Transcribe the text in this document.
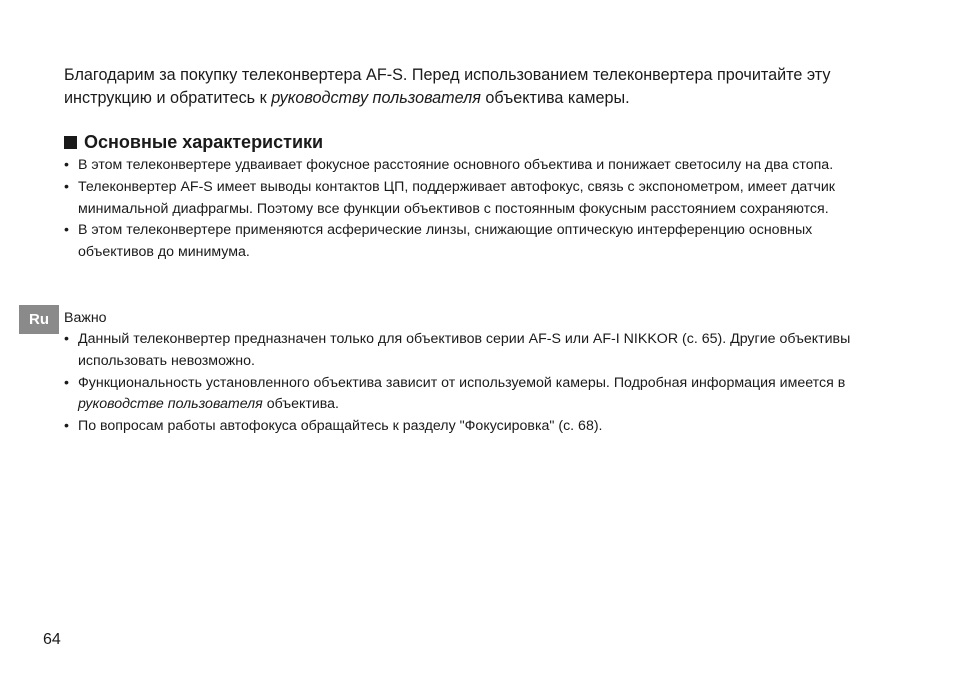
Благодарим за покупку телеконвертера AF-S. Перед использованием телеконвертера прочитайте эту инструкцию и обратитесь к руководству пользователя объектива камеры.

Основные характеристики
• В этом телеконвертере удваивает фокусное расстояние основного объектива и понижает светосилу на два стопа.
• Телеконвертер AF-S имеет выводы контактов ЦП, поддерживает автофокус, связь с экспонометром, имеет датчик минимальной диафрагмы. Поэтому все функции объективов с постоянным фокусным расстоянием сохраняются.
• В этом телеконвертере применяются асферические линзы, снижающие оптическую интерференцию основных объективов до минимума.
Ru	Важно

• Данный телеконвертер предназначен только для объективов серии AF-S или AF-I NIKKOR (с. 65). Другие объективы использовать невозможно.
• Функциональность установленного объектива зависит от используемой камеры. Подробная информация имеется в руководстве пользователя объектива.
• По вопросам работы автофокуса обращайтесь к разделу "Фокусировка" (с. 68).

64
